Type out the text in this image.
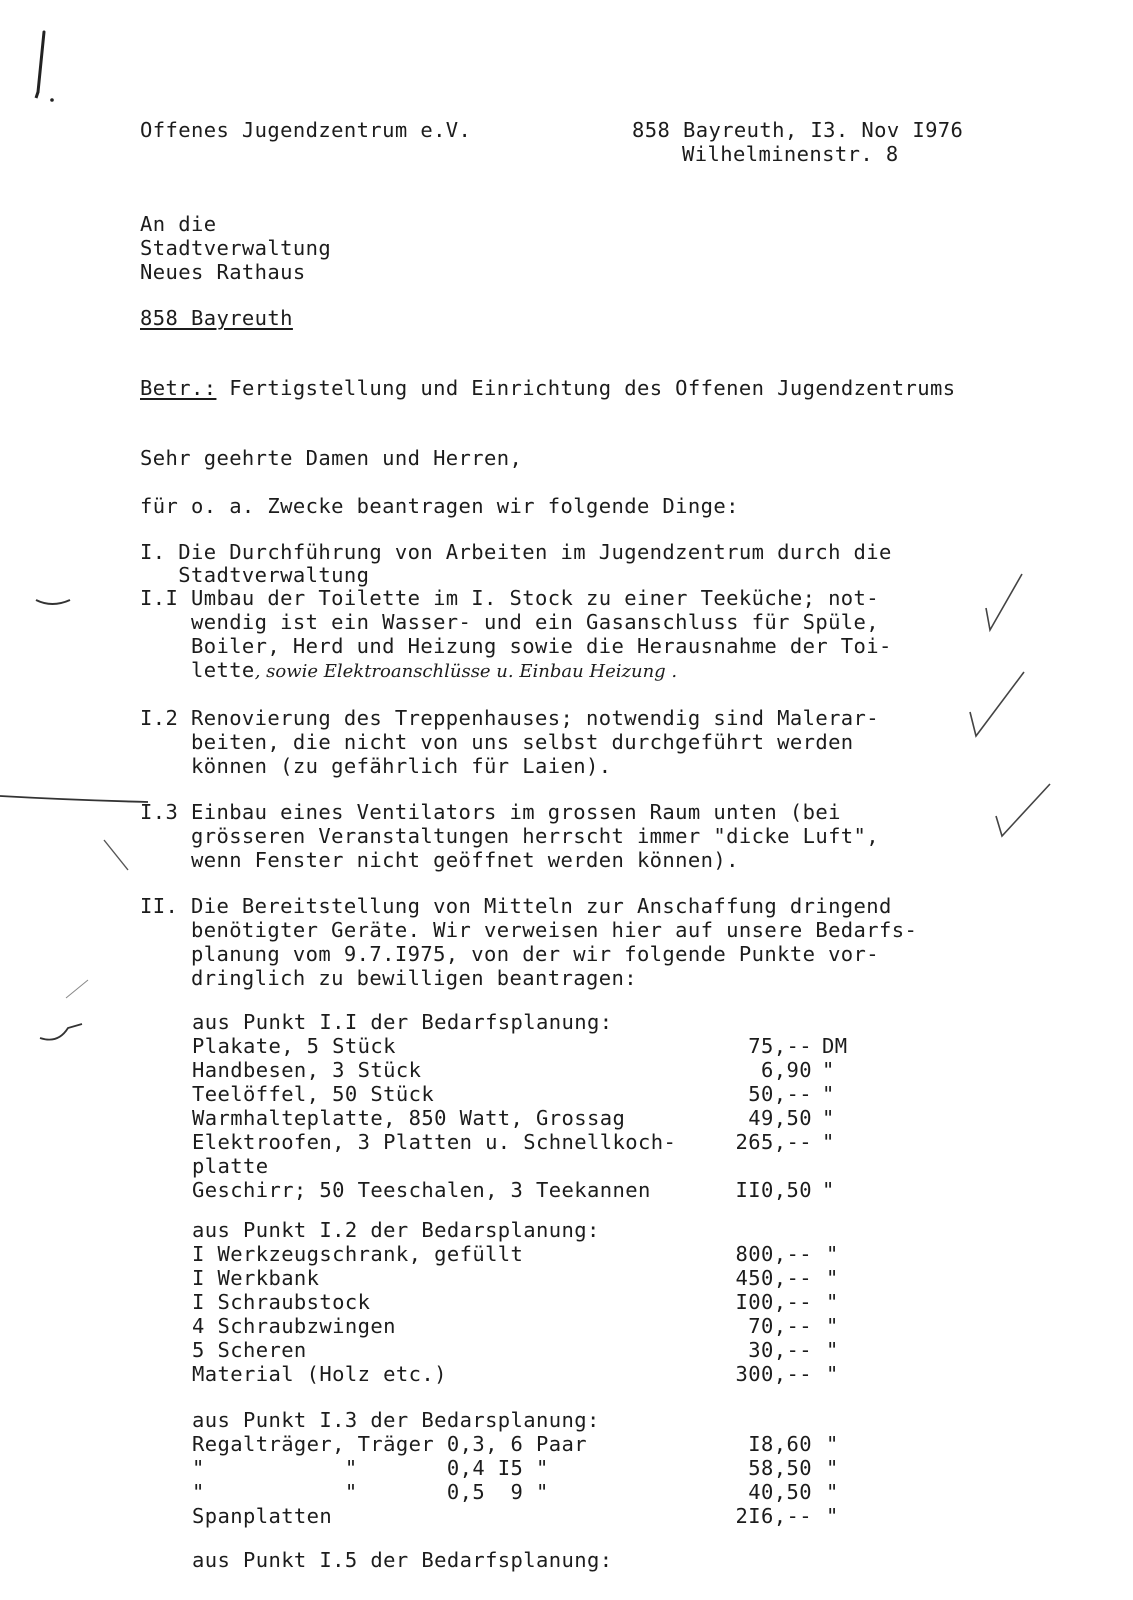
Offenes Jugendzentrum e.V.	858 Bayreuth, I3. Nov I976
Wilhelminenstr. 8
An die
Stadtverwaltung
Neues Rathaus
858 Bayreuth
Betr.: Fertigstellung und Einrichtung des Offenen Jugendzentrums
Sehr geehrte Damen und Herren,
für o. a. Zwecke beantragen wir folgende Dinge:
I. Die Durchführung von Arbeiten im Jugendzentrum durch die
Stadtverwaltung
I.I Umbau der Toilette im I. Stock zu einer Teeküche; not-
wendig ist ein Wasser- und ein Gasanschluss für Spüle,
Boiler, Herd und Heizung sowie die Herausnahme der Toi-
lette, sowie Elektroanschlüsse u. Einbau Heizung .
I.2 Renovierung des Treppenhauses; notwendig sind Malerar-
beiten, die nicht von uns selbst durchgeführt werden
können (zu gefährlich für Laien).
I.3 Einbau eines Ventilators im grossen Raum unten (bei
grösseren Veranstaltungen herrscht immer "dicke Luft",
wenn Fenster nicht geöffnet werden können).
II. Die Bereitstellung von Mitteln zur Anschaffung dringend
benötigter Geräte. Wir verweisen hier auf unsere Bedarfs-
planung vom 9.7.I975, von der wir folgende Punkte vor-
dringlich zu bewilligen beantragen:
aus Punkt I.I der Bedarfsplanung:
Plakate, 5 Stück	75,-- DM
Handbesen, 3 Stück	6,90 "
Teelöffel, 50 Stück	50,-- "
Warmhalteplatte, 850 Watt, Grossag	49,50 "
Elektroofen, 3 Platten u. Schnellkoch-	265,-- "
platte
Geschirr; 50 Teeschalen, 3 Teekannen	II0,50 "
aus Punkt I.2 der Bedarsplanung:
I Werkzeugschrank, gefüllt	800,-- "
I Werkbank	450,-- "
I Schraubstock	I00,-- "
4 Schraubzwingen	70,-- "
5 Scheren	30,-- "
Material (Holz etc.)	300,-- "
aus Punkt I.3 der Bedarsplanung:
Regalträger, Träger 0,3, 6 Paar	I8,60 "
"           "       0,4 I5 "	58,50 "
"           "       0,5  9 "	40,50 "
Spanplatten	2I6,-- "
aus Punkt I.5 der Bedarfsplanung:
